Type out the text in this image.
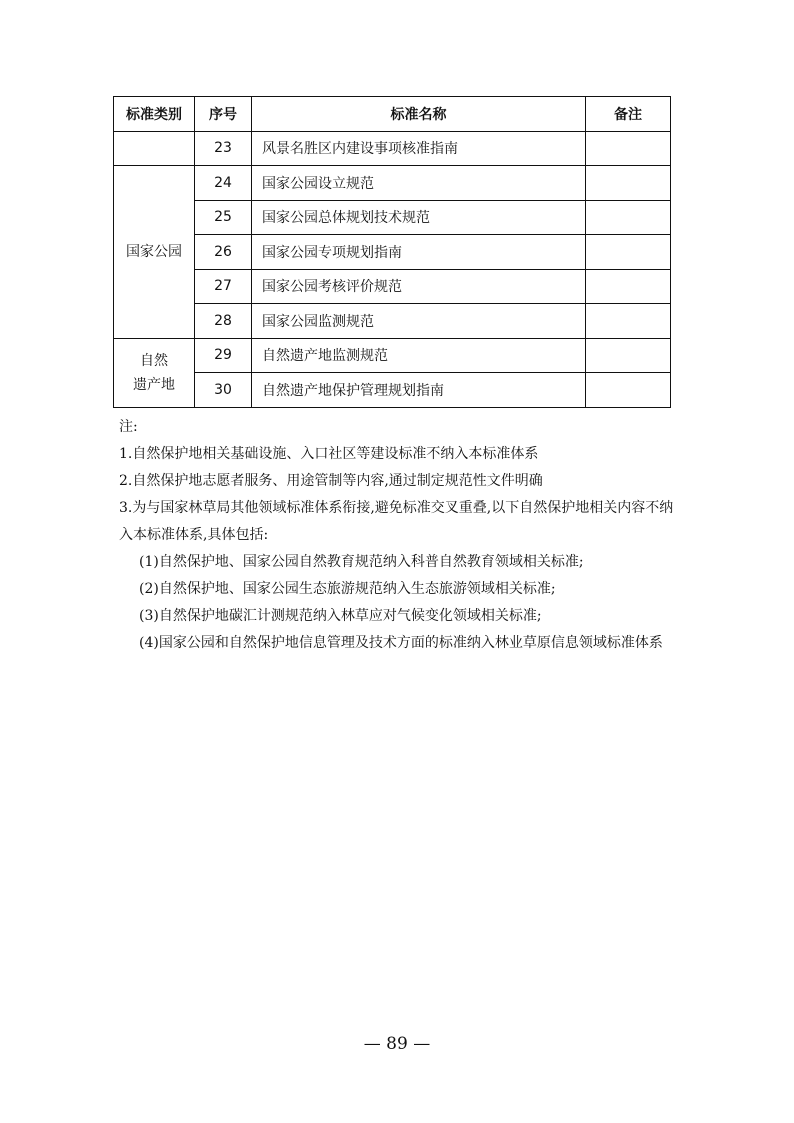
标准类别	序号	标准名称	备注
	23	风景名胜区内建设事项核准指南	
国家公园	24	国家公园设立规范	
	25	国家公园总体规划技术规范	
	26	国家公园专项规划指南	
	27	国家公园考核评价规范	
	28	国家公园监测规范	

自然
遗产地	29	自然遗产地监测规范	
	30	自然遗产地保护管理规划指南	

注:

1.自然保护地相关基础设施、入口社区等建设标准不纳入本标准体系

2.自然保护地志愿者服务、用途管制等内容,通过制定规范性文件明确

3.为与国家林草局其他领域标准体系衔接,避免标准交叉重叠,以下自然保护地相关内容不纳入本标准体系,具体包括:

(1)自然保护地、国家公园自然教育规范纳入科普自然教育领域相关标准;

(2)自然保护地、国家公园生态旅游规范纳入生态旅游领域相关标准;

(3)自然保护地碳汇计测规范纳入林草应对气候变化领域相关标准;

(4)国家公园和自然保护地信息管理及技术方面的标准纳入林业草原信息领域标准体系

— 89 —
